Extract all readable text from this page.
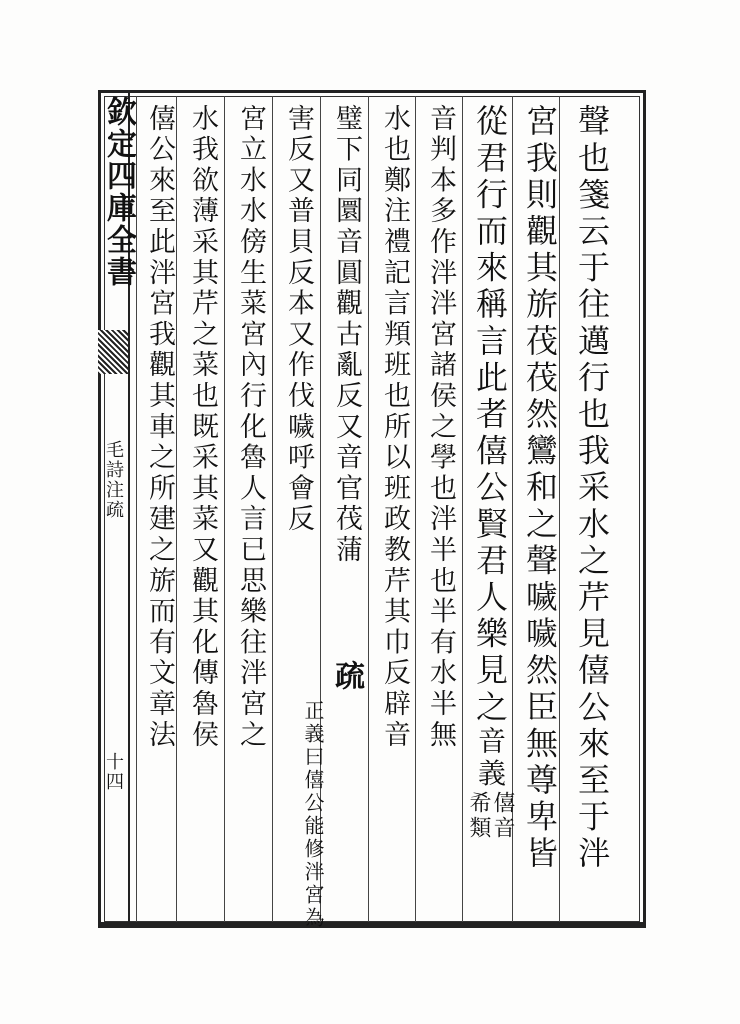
欽定四庫全書
毛詩注疏
十四	聲也箋云于往邁行也我采水之芹見僖公來至于泮
宮我則觀其旂茷茷然鸞和之聲噦噦然臣無尊卑皆
從君行而來稱言此者僖公賢君人樂見之
音義
僖音
希類
音判本多作泮泮宮諸侯之學也泮半也半有水半無
水也鄭注禮記言頖班也所以班政教芹其巾反辟音
璧下同圜音圓觀古亂反又音官茷蒲
害反又普貝反本又作伐噦呼會反
疏
正義曰僖公能修泮宮為
宮立水水傍生菜宮內行化魯人言已思樂往泮宮之
水我欲薄采其芹之菜也既采其菜又觀其化傳魯侯
僖公來至此泮宮我觀其車之所建之旂而有文章法
